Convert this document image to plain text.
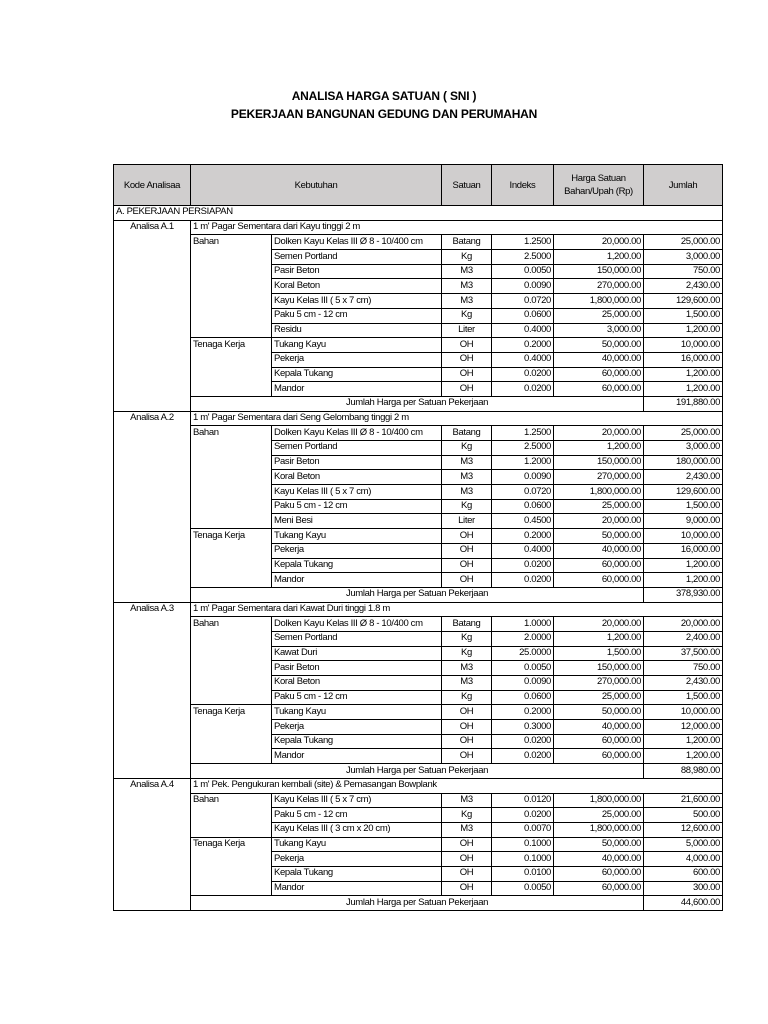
ANALISA HARGA SATUAN ( SNI )
PEKERJAAN BANGUNAN GEDUNG DAN PERUMAHAN
Kode Analisaa	Kebutuhan		Satuan	Indeks	Harga Satuan Bahan/Upah (Rp)	Jumlah
A. PEKERJAAN PERSIAPAN						
Analisa A.1	1 m' Pagar Sementara dari Kayu tinggi 2 m					
	Bahan	Dolken Kayu Kelas III Ø 8 - 10/400 cm	Batang	1.2500	20,000.00	25,000.00
		Semen Portland	Kg	2.5000	1,200.00	3,000.00
		Pasir Beton	M3	0.0050	150,000.00	750.00
		Koral Beton	M3	0.0090	270,000.00	2,430.00
		Kayu Kelas III ( 5 x 7 cm)	M3	0.0720	1,800,000.00	129,600.00
		Paku 5 cm - 12 cm	Kg	0.0600	25,000.00	1,500.00
		Residu	Liter	0.4000	3,000.00	1,200.00
	Tenaga Kerja	Tukang Kayu	OH	0.2000	50,000.00	10,000.00
		Pekerja	OH	0.4000	40,000.00	16,000.00
		Kepala Tukang	OH	0.0200	60,000.00	1,200.00
		Mandor	OH	0.0200	60,000.00	1,200.00
	Jumlah Harga per Satuan Pekerjaan					191,880.00
Analisa A.2	1 m' Pagar Sementara dari Seng Gelombang tinggi 2 m					
	Bahan	Dolken Kayu Kelas III Ø 8 - 10/400 cm	Batang	1.2500	20,000.00	25,000.00
		Semen Portland	Kg	2.5000	1,200.00	3,000.00
		Pasir Beton	M3	1.2000	150,000.00	180,000.00
		Koral Beton	M3	0.0090	270,000.00	2,430.00
		Kayu Kelas III ( 5 x 7 cm)	M3	0.0720	1,800,000.00	129,600.00
		Paku 5 cm - 12 cm	Kg	0.0600	25,000.00	1,500.00
		Meni Besi	Liter	0.4500	20,000.00	9,000.00
	Tenaga Kerja	Tukang Kayu	OH	0.2000	50,000.00	10,000.00
		Pekerja	OH	0.4000	40,000.00	16,000.00
		Kepala Tukang	OH	0.0200	60,000.00	1,200.00
		Mandor	OH	0.0200	60,000.00	1,200.00
	Jumlah Harga per Satuan Pekerjaan					378,930.00
Analisa A.3	1 m' Pagar Sementara dari Kawat Duri tinggi 1.8 m					
	Bahan	Dolken Kayu Kelas III Ø 8 - 10/400 cm	Batang	1.0000	20,000.00	20,000.00
		Semen Portland	Kg	2.0000	1,200.00	2,400.00
		Kawat Duri	Kg	25.0000	1,500.00	37,500.00
		Pasir Beton	M3	0.0050	150,000.00	750.00
		Koral Beton	M3	0.0090	270,000.00	2,430.00
		Paku 5 cm - 12 cm	Kg	0.0600	25,000.00	1,500.00
	Tenaga Kerja	Tukang Kayu	OH	0.2000	50,000.00	10,000.00
		Pekerja	OH	0.3000	40,000.00	12,000.00
		Kepala Tukang	OH	0.0200	60,000.00	1,200.00
		Mandor	OH	0.0200	60,000.00	1,200.00
	Jumlah Harga per Satuan Pekerjaan					88,980.00
Analisa A.4	1 m' Pek. Pengukuran kembali (site) & Pemasangan Bowplank					
	Bahan	Kayu Kelas III ( 5 x 7 cm)	M3	0.0120	1,800,000.00	21,600.00
		Paku 5 cm - 12 cm	Kg	0.0200	25,000.00	500.00
		Kayu Kelas III ( 3 cm x 20 cm)	M3	0.0070	1,800,000.00	12,600.00
	Tenaga Kerja	Tukang Kayu	OH	0.1000	50,000.00	5,000.00
		Pekerja	OH	0.1000	40,000.00	4,000.00
		Kepala Tukang	OH	0.0100	60,000.00	600.00
		Mandor	OH	0.0050	60,000.00	300.00
	Jumlah Harga per Satuan Pekerjaan					44,600.00
